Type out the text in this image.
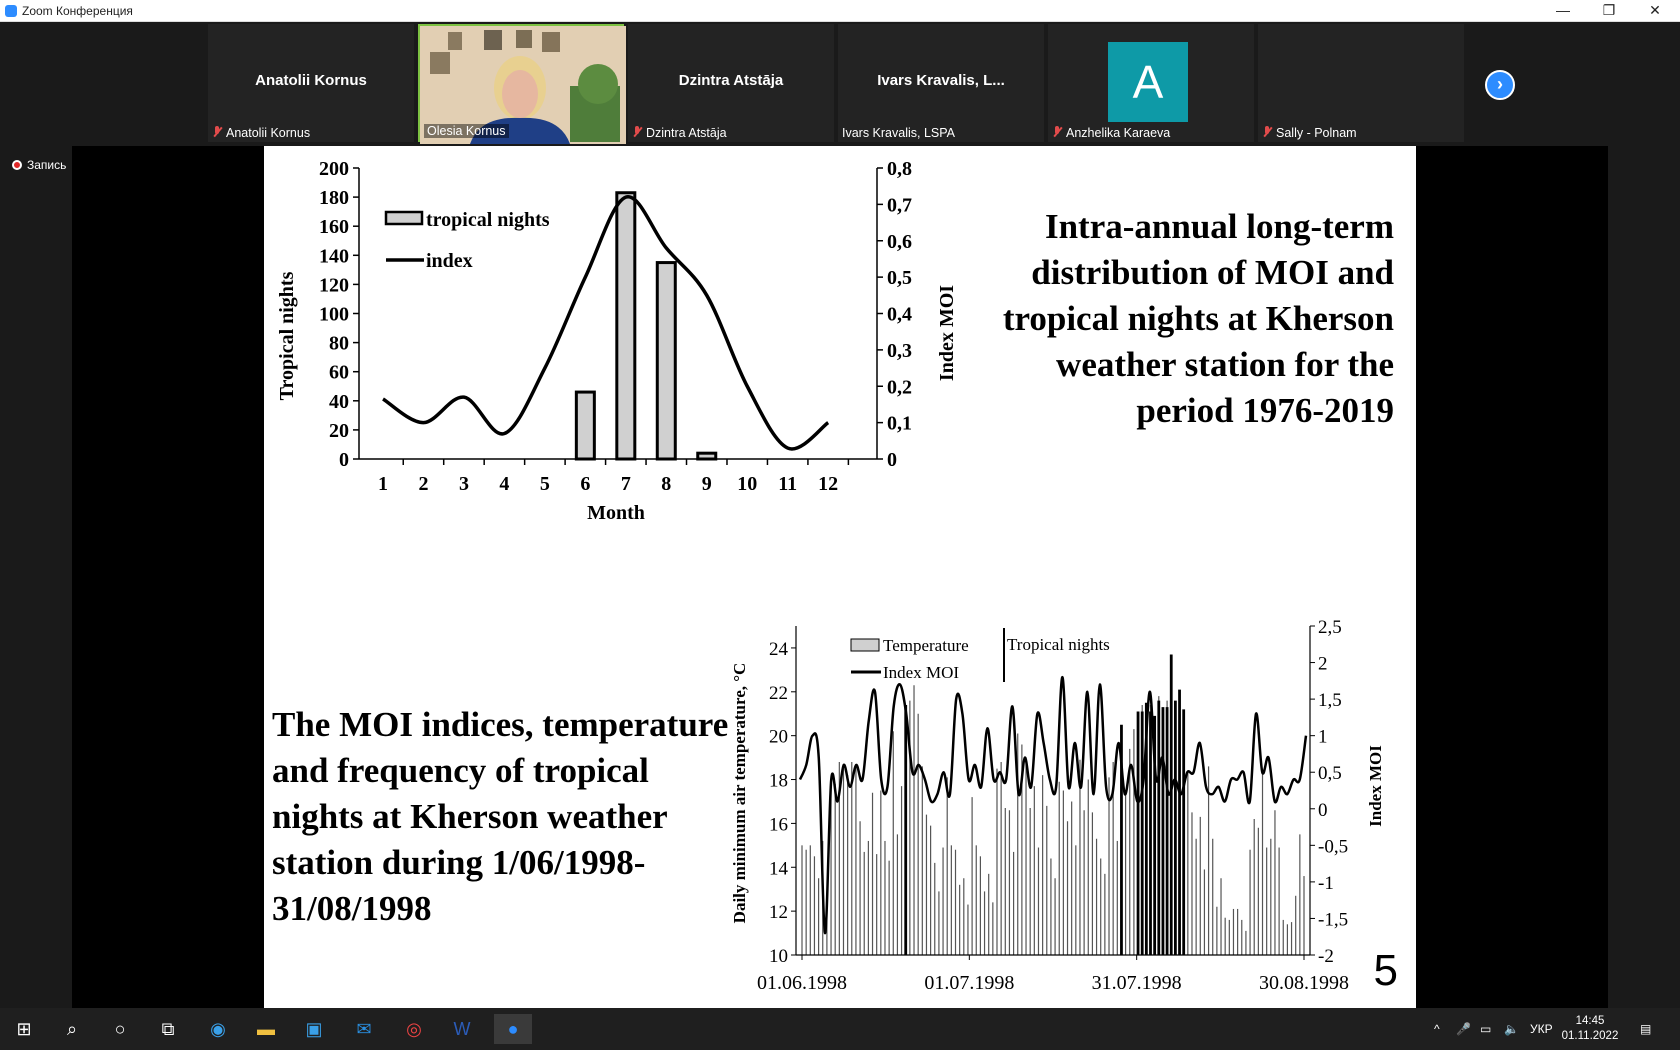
Zoom Конференция	—	❐	✕
Anatolii Kornus
Anatolii Kornus	Olesia Kornus
Dzintra Atstāja
Dzintra Atstāja
Ivars Kravalis, L...
Ivars Kravalis, LSPA
A
Anzhelika Karaeva	Sally - Polnam
›
Запись
Intra-annual long-term distribution of MOI and tropical nights at Kherson weather station for the period 1976-2019
The MOI indices, temperature and frequency of tropical nights at Kherson weather station during 1/06/1998-31/08/1998
5
0
20
40
60
80
100
120
140
160
180
200
0
0,1
0,2
0,3
0,4
0,5
0,6
0,7
0,8
1 2 3 4 5 6 7 8 9 10 11 12
Month
Tropical nights	Index MOI
tropical nights
index
10
12
14
16
18
20
22
24
-2
-1,5
-1
-0,5
0
0,5
1
1,5
2
2,5
01.06.1998	01.07.1998	31.07.1998	30.08.1998
Daily minimum air temperature, °C	Index MOI
Temperature Tropical nights
Index MOI
⊞	⌕	○	⧉	◉	▬	▣	✉	◎	W	●	^ 🎤 ▭ 🔈 УКР
14:45
01.11.2022 ▤
